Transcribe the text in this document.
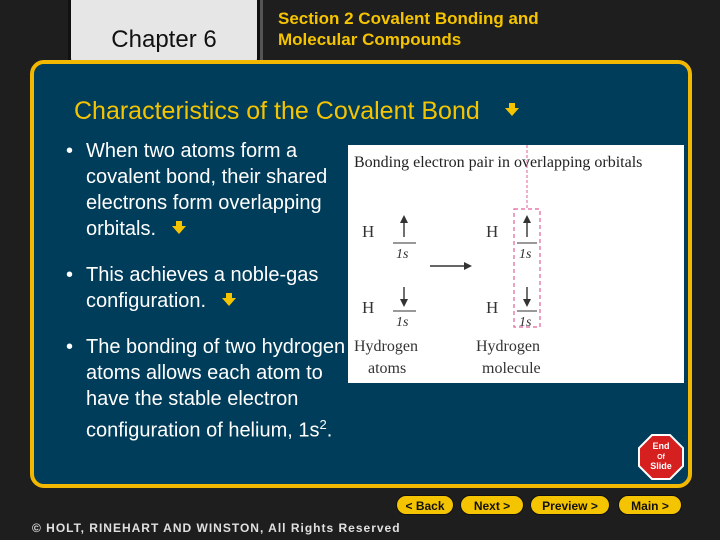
Chapter 6
Section 2 Covalent Bonding and
Molecular Compounds
Characteristics of the Covalent Bond
• When two atoms form a covalent bond, their shared electrons form overlapping orbitals.
• This achieves a noble-gas configuration.
• The bonding of two hydrogen atoms allows each atom to have the stable electron configuration of helium, $1s^2$.
Bonding electron pair in overlapping orbitals
H
1s
H
1s
H
H
1s
1s
Hydrogen
atoms
Hydrogen
molecule
End
Of
Slide
< Back	Next >	Preview >	Main >
© HOLT, RINEHART AND WINSTON, All Rights Reserved
